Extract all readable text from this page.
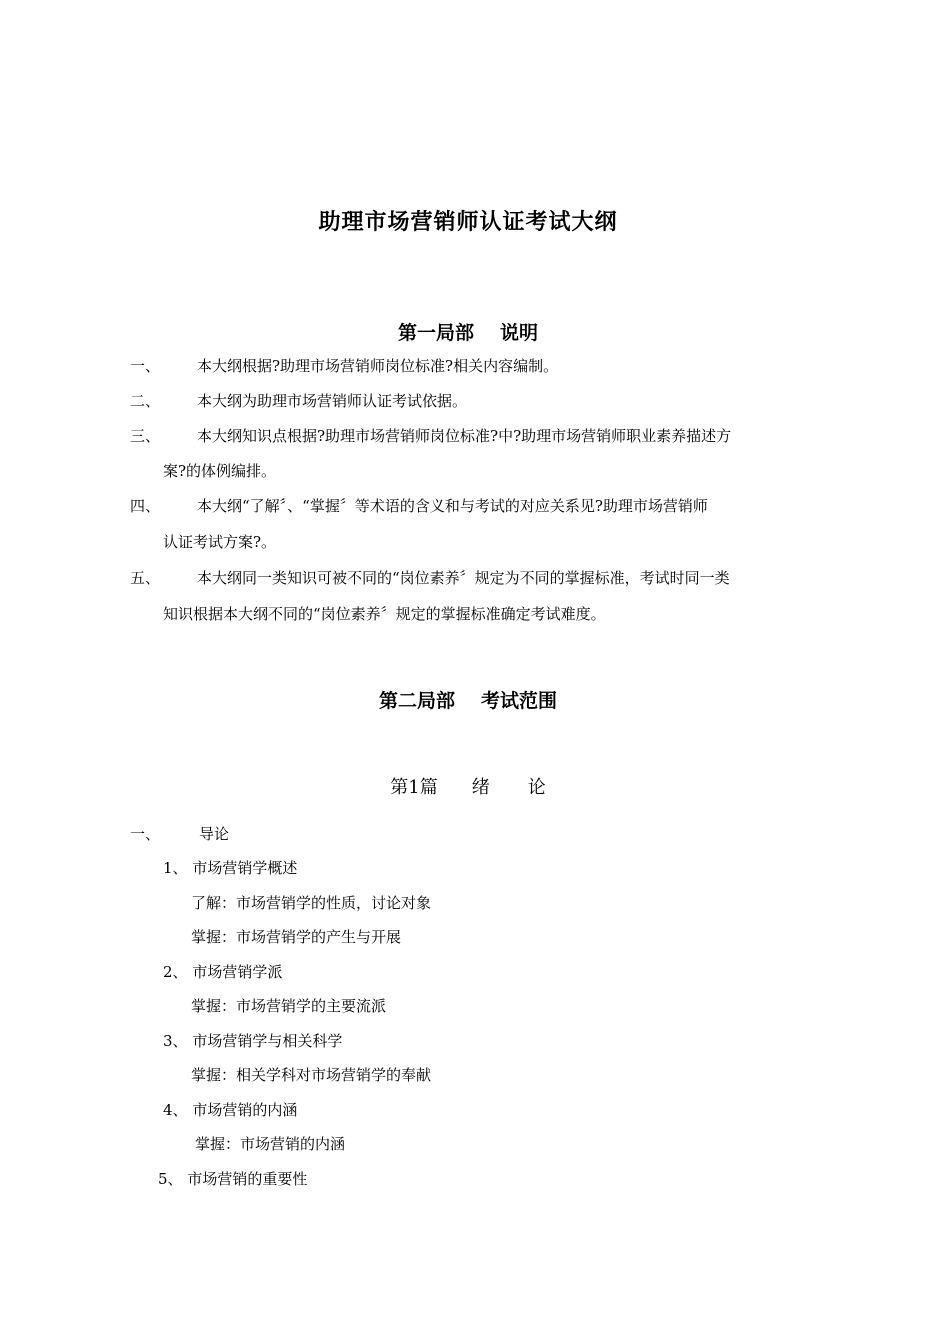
助理市场营销师认证考试大纲
第一局部 说明
一、 本大纲根据?助理市场营销师岗位标准?相关内容编制。
二、 本大纲为助理市场营销师认证考试依据。
三、 本大纲知识点根据?助理市场营销师岗位标准?中?助理市场营销师职业素养描述方
案?的体例编排。
四、 本大纲“了解〞、“掌握〞等术语的含义和与考试的对应关系见?助理市场营销师
认证考试方案?。
五、 本大纲同一类知识可被不同的“岗位素养〞规定为不同的掌握标准，考试时同一类
知识根据本大纲不同的“岗位素养〞规定的掌握标准确定考试难度。
第二局部 考试范围
第1篇 绪 论
一、	导论
1、 市场营销学概述
了解：市场营销学的性质，讨论对象
掌握：市场营销学的产生与开展
2、 市场营销学派
掌握：市场营销学的主要流派
3、 市场营销学与相关科学
掌握：相关学科对市场营销学的奉献
4、 市场营销的内涵
掌握：市场营销的内涵
5、 市场营销的重要性
